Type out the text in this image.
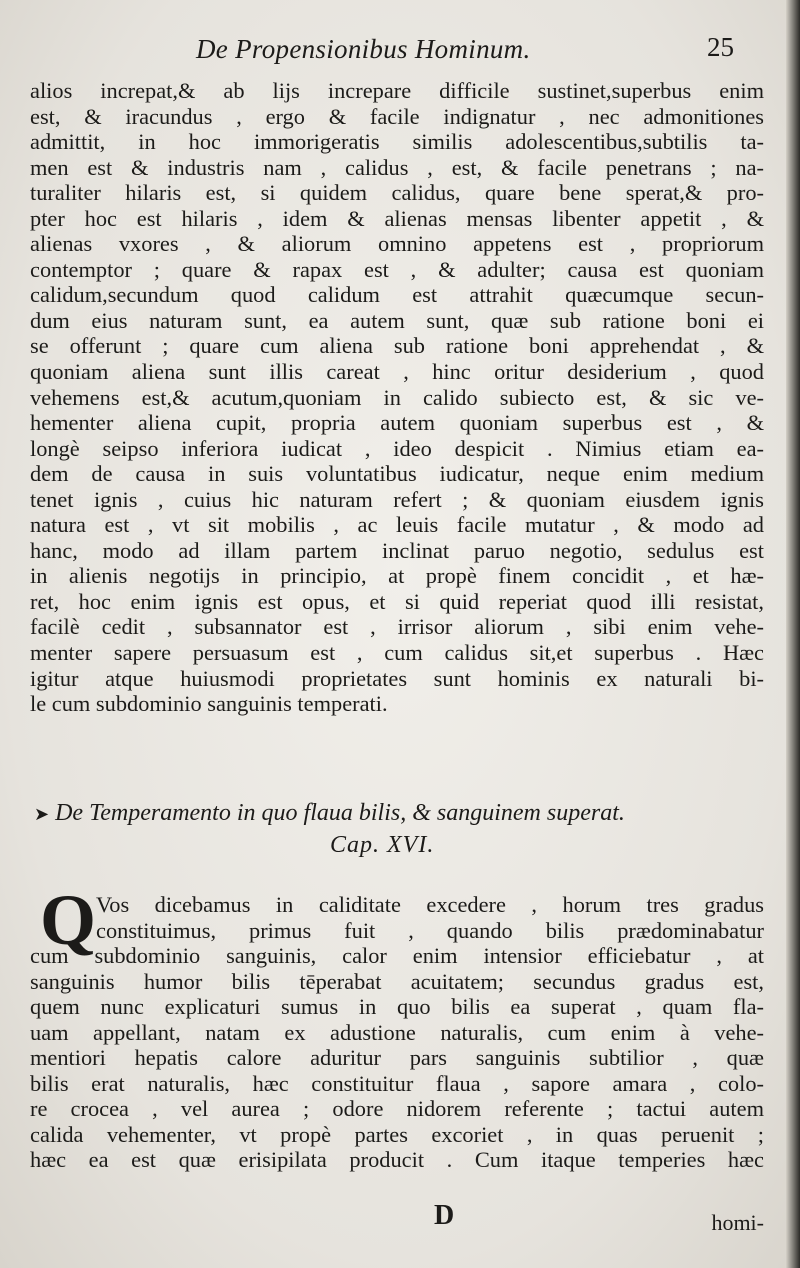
De Propensionibus Hominum.	25
alios increpat,& ab lijs increpare difficile sustinet,superbus enim
est, & iracundus , ergo & facile indignatur , nec admonitiones
admittit, in hoc immorigeratis similis adolescentibus,subtilis ta-
men est & industris nam , calidus , est, & facile penetrans ; na-
turaliter hilaris est, si quidem calidus, quare bene sperat,& pro-
pter hoc est hilaris , idem & alienas mensas libenter appetit , &
alienas vxores , & aliorum omnino appetens est , propriorum
contemptor ; quare & rapax est , & adulter; causa est quoniam
calidum,secundum quod calidum est attrahit quæcumque secun-
dum eius naturam sunt, ea autem sunt, quæ sub ratione boni ei
se offerunt ; quare cum aliena sub ratione boni apprehendat , &
quoniam aliena sunt illis careat , hinc oritur desiderium , quod
vehemens est,& acutum,quoniam in calido subiecto est, & sic ve-
hementer aliena cupit, propria autem quoniam superbus est , &
longè seipso inferiora iudicat , ideo despicit . Nimius etiam ea-
dem de causa in suis voluntatibus iudicatur, neque enim medium
tenet ignis , cuius hic naturam refert ; & quoniam eiusdem ignis
natura est , vt sit mobilis , ac leuis facile mutatur , & modo ad
hanc, modo ad illam partem inclinat paruo negotio, sedulus est
in alienis negotijs in principio, at propè finem concidit , et hæ-
ret, hoc enim ignis est opus, et si quid reperiat quod illi resistat,
facilè cedit , subsannator est , irrisor aliorum , sibi enim vehe-
menter sapere persuasum est , cum calidus sit,et superbus . Hæc
igitur atque huiusmodi proprietates sunt hominis ex naturali bi-
le cum subdominio sanguinis temperati.
➤ De Temperamento in quo flaua bilis, & sanguinem superat.
Cap. XVI.
Q Vos dicebamus in caliditate excedere , horum tres gradus
constituimus, primus fuit , quando bilis prædominabatur
cum subdominio sanguinis, calor enim intensior efficiebatur , at
sanguinis humor bilis tēperabat acuitatem; secundus gradus est,
quem nunc explicaturi sumus in quo bilis ea superat , quam fla-
uam appellant, natam ex adustione naturalis, cum enim à vehe-
mentiori hepatis calore aduritur pars sanguinis subtilior , quæ
bilis erat naturalis, hæc constituitur flaua , sapore amara , colo-
re crocea , vel aurea ; odore nidorem referente ; tactui autem
calida vehementer, vt propè partes excoriet , in quas peruenit ;
hæc ea est quæ erisipilata producit . Cum itaque temperies hæc
D	homi-
